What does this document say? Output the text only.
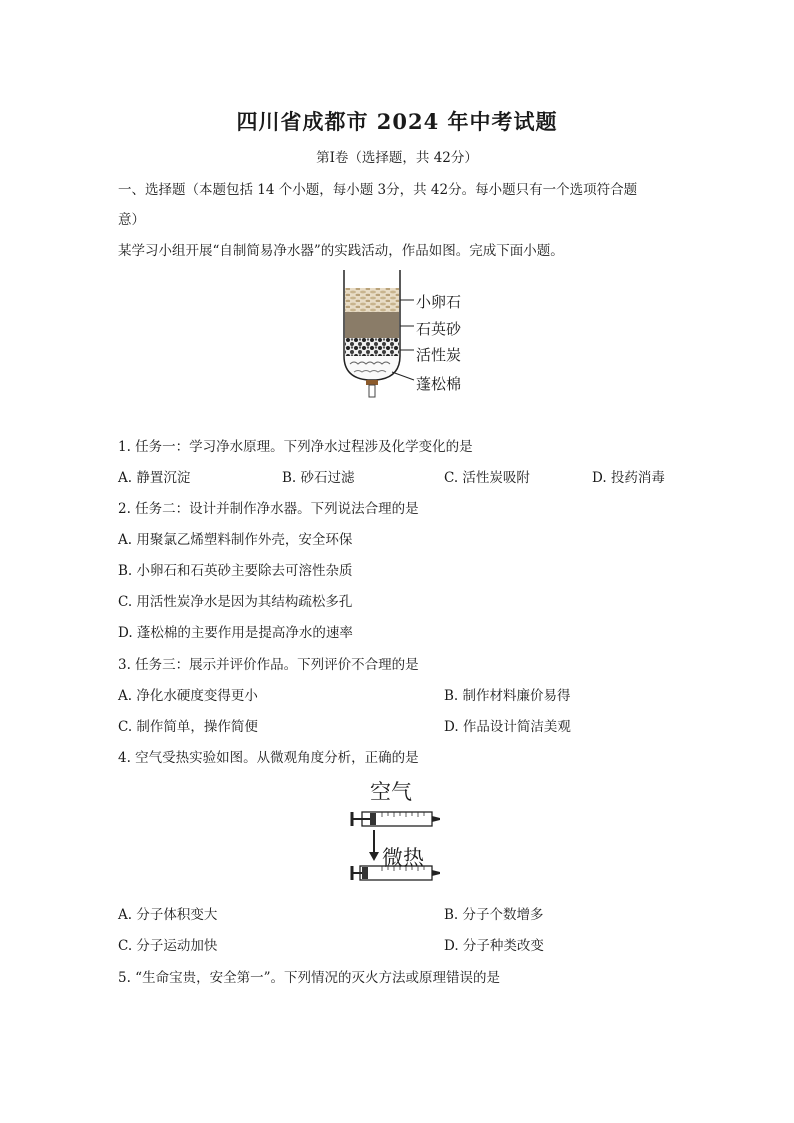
四川省成都市 2024 年中考试题
第Ⅰ卷（选择题，共 42分）
一、选择题（本题包括 14 个小题，每小题 3分，共 42分。每小题只有一个选项符合题
意）
某学习小组开展“自制简易净水器”的实践活动，作品如图。完成下面小题。
小卵石
石英砂
活性炭
蓬松棉
1. 任务一：学习净水原理。下列净水过程涉及化学变化的是
A. 静置沉淀	B. 砂石过滤	C. 活性炭吸附	D. 投药消毒
2. 任务二：设计并制作净水器。下列说法合理的是
A. 用聚氯乙烯塑料制作外壳，安全环保
B. 小卵石和石英砂主要除去可溶性杂质
C. 用活性炭净水是因为其结构疏松多孔
D. 蓬松棉的主要作用是提高净水的速率
3. 任务三：展示并评价作品。下列评价不合理的是
A. 净化水硬度变得更小	B. 制作材料廉价易得
C. 制作简单，操作简便	D. 作品设计简洁美观
4. 空气受热实验如图。从微观角度分析，正确的是
空气
微热
A. 分子体积变大	B. 分子个数增多
C. 分子运动加快	D. 分子种类改变
5. “生命宝贵，安全第一”。下列情况的灭火方法或原理错误的是
